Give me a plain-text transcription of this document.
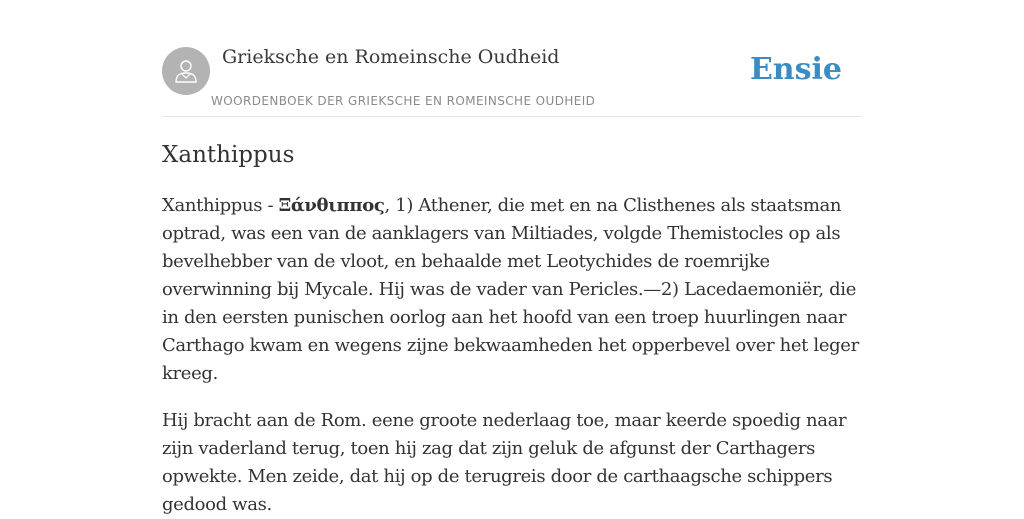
Grieksche en Romeinsche Oudheid
WOORDENBOEK DER GRIEKSCHE EN ROMEINSCHE OUDHEID
Ensie
Xanthippus

Xanthippus - Ξάνθιππος, 1) Athener, die met en na Clisthenes als staatsman optrad, was een van de aanklagers van Miltiades, volgde Themistocles op als bevelhebber van de vloot, en behaalde met Leotychides de roemrijke overwinning bij Mycale. Hij was de vader van Pericles.—2) Lacedaemoniër, die in den eersten punischen oorlog aan het hoofd van een troep huurlingen naar Carthago kwam en wegens zijne bekwaamheden het opperbevel over het leger kreeg.

Hij bracht aan de Rom. eene groote nederlaag toe, maar keerde spoedig naar zijn vaderland terug, toen hij zag dat zijn geluk de afgunst der Carthagers opwekte. Men zeide, dat hij op de terugreis door de carthaagsche schippers gedood was.
